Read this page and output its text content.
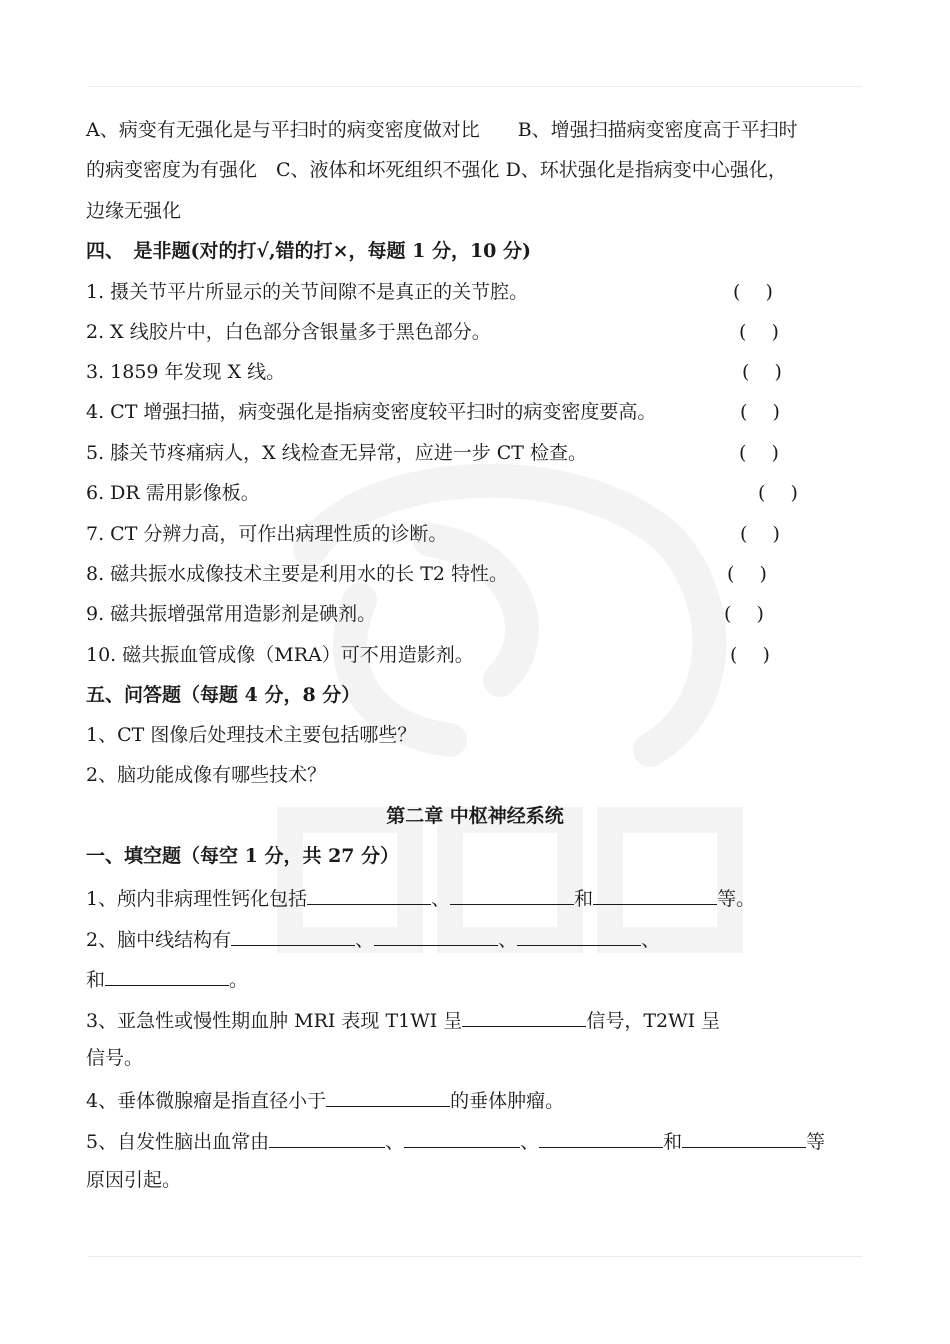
A、病变有无强化是与平扫时的病变密度做对比　　B、增强扫描病变密度高于平扫时
的病变密度为有强化　C、液体和坏死组织不强化 D、环状强化是指病变中心强化，
边缘无强化
四、　是非题(对的打√,错的打×，每题 1 分，10 分)
1. 摄关节平片所显示的关节间隙不是真正的关节腔。	(　 )
2. X 线胶片中，白色部分含银量多于黑色部分。	(　 )
3. 1859 年发现 X 线。	(　 )
4. CT 增强扫描，病变强化是指病变密度较平扫时的病变密度要高。	(　 )
5. 膝关节疼痛病人，X 线检查无异常，应进一步 CT 检查。	(　 )
6. DR 需用影像板。	(　 )
7. CT 分辨力高，可作出病理性质的诊断。	(　 )
8. 磁共振水成像技术主要是利用水的长 T2 特性。	(　 )
9. 磁共振增强常用造影剂是碘剂。	(　 )
10. 磁共振血管成像（MRA）可不用造影剂。	(　 )
五、问答题（每题 4 分，8 分）
1、CT 图像后处理技术主要包括哪些？
2、脑功能成像有哪些技术？
第二章 中枢神经系统
一、填空题（每空 1 分，共 27 分）
1、颅内非病理性钙化包括	、	和	等。
2、脑中线结构有	、	、	、
和	。
3、亚急性或慢性期血肿 MRI 表现 T1WI 呈	信号，T2WI 呈
信号。
4、垂体微腺瘤是指直径小于	的垂体肿瘤。
5、自发性脑出血常由	、	、	和	等
原因引起。
